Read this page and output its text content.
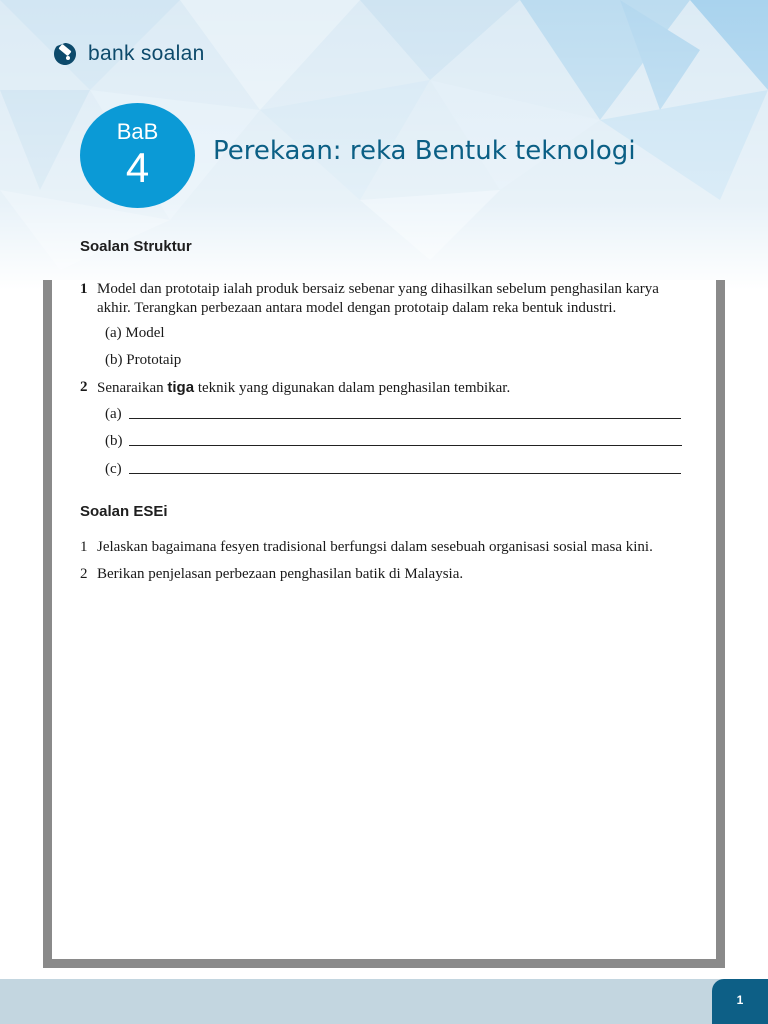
bank soalan
BaB
4	Perekaan: reka Bentuk teknologi
Soalan Struktur
1 Model dan prototaip ialah produk bersaiz sebenar yang dihasilkan sebelum penghasilan karya
akhir. Terangkan perbezaan antara model dengan prototaip dalam reka bentuk industri.
(a) Model
(b) Prototaip
2 Senaraikan tiga teknik yang digunakan dalam penghasilan tembikar.
(a)
(b)
(c)
Soalan ESEi
1 Jelaskan bagaimana fesyen tradisional berfungsi dalam sesebuah organisasi sosial masa kini.
2 Berikan penjelasan perbezaan penghasilan batik di Malaysia.
1
